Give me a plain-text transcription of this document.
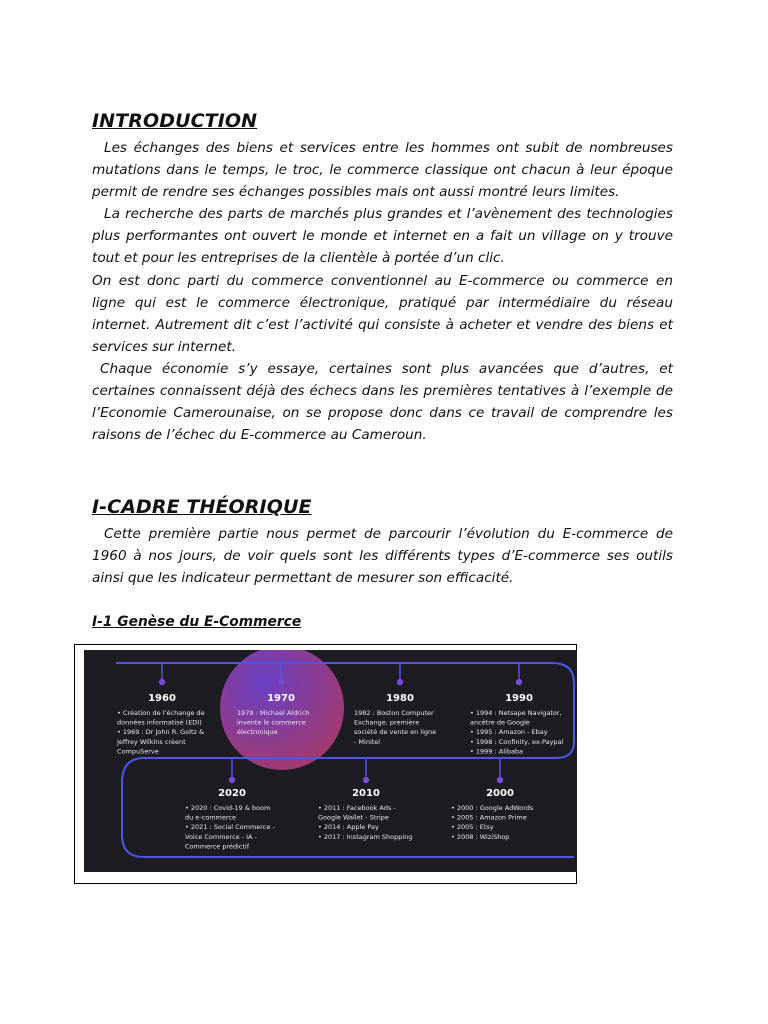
INTRODUCTION

Les échanges des biens et services entre les hommes ont subit de nombreuses mutations dans le temps, le troc, le commerce classique ont chacun à leur époque permit de rendre ses échanges possibles mais ont aussi montré leurs limites.

La recherche des parts de marchés plus grandes et l’avènement des technologies plus performantes ont ouvert le monde et internet en a fait un village on y trouve tout et pour les entreprises de la clientèle à portée d’un clic.

On est donc parti du commerce conventionnel au E-commerce ou commerce en ligne qui est le commerce électronique, pratiqué par intermédiaire du réseau internet. Autrement dit c’est l’activité qui consiste à acheter et vendre des biens et services sur internet.

Chaque économie s’y essaye, certaines sont plus avancées que d’autres, et certaines connaissent déjà des échecs dans les premières tentatives à l’exemple de l’Economie Camerounaise, on se propose donc dans ce travail de comprendre les raisons de l’échec du E-commerce au Cameroun.

I-CADRE THÉORIQUE

Cette première partie nous permet de parcourir l’évolution du E-commerce de 1960 à nos jours, de voir quels sont les différents types d’E-commerce ses outils ainsi que les indicateur permettant de mesurer son efficacité.

I-1 Genèse du E-Commerce
1960
• Création de l’échange de
données informatisé (EDI)
• 1969 : Dr John R. Goltz &
Jeffrey Wilkins créent
CompuServe
1970
1979 : Michael Aldrich
invente le commerce
électronique
1980
1982 : Boston Computer
Exchange, première
société de vente en ligne
- Minitel
1990
• 1994 : Netsape Navigator,
ancêtre de Google
• 1995 : Amazon - Ebay
• 1998 : Confinity, ex-Paypal
• 1999 : Alibaba
2020
• 2020 : Covid-19 & boom
du e-commerce
• 2021 : Social Commerce -
Voice Commerce - IA -
Commerce prédictif
2010
• 2011 : Facebook Ads -
Google Wallet - Stripe
• 2014 : Apple Pay
• 2017 : Instagram Shopping
2000
• 2000 : Google AdWords
• 2005 : Amazon Prime
• 2005 : Etsy
• 2008 : WiziShop
